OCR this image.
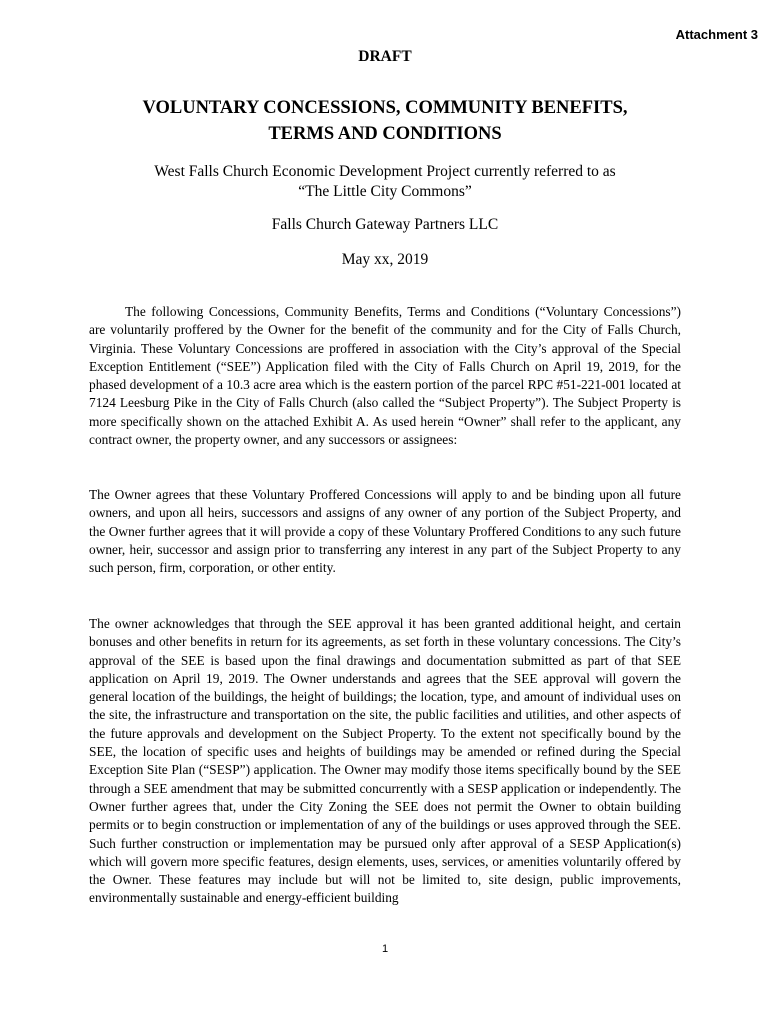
Attachment 3
DRAFT
VOLUNTARY CONCESSIONS, COMMUNITY BENEFITS,
TERMS AND CONDITIONS
West Falls Church Economic Development Project currently referred to as
“The Little City Commons”
Falls Church Gateway Partners LLC
May xx, 2019

The following Concessions, Community Benefits, Terms and Conditions (“Voluntary Concessions”) are voluntarily proffered by the Owner for the benefit of the community and for the City of Falls Church, Virginia. These Voluntary Concessions are proffered in association with the City’s approval of the Special Exception Entitlement (“SEE”) Application filed with the City of Falls Church on April 19, 2019, for the phased development of a 10.3 acre area which is the eastern portion of the parcel RPC #51-221-001 located at 7124 Leesburg Pike in the City of Falls Church (also called the “Subject Property”). The Subject Property is more specifically shown on the attached Exhibit A. As used herein “Owner” shall refer to the applicant, any contract owner, the property owner, and any successors or assignees:

The Owner agrees that these Voluntary Proffered Concessions will apply to and be binding upon all future owners, and upon all heirs, successors and assigns of any owner of any portion of the Subject Property, and the Owner further agrees that it will provide a copy of these Voluntary Proffered Conditions to any such future owner, heir, successor and assign prior to transferring any interest in any part of the Subject Property to any such person, firm, corporation, or other entity.

The owner acknowledges that through the SEE approval it has been granted additional height, and certain bonuses and other benefits in return for its agreements, as set forth in these voluntary concessions. The City’s approval of the SEE is based upon the final drawings and documentation submitted as part of that SEE application on April 19, 2019. The Owner understands and agrees that the SEE approval will govern the general location of the buildings, the height of buildings; the location, type, and amount of individual uses on the site, the infrastructure and transportation on the site, the public facilities and utilities, and other aspects of the future approvals and development on the Subject Property. To the extent not specifically bound by the SEE, the location of specific uses and heights of buildings may be amended or refined during the Special Exception Site Plan (“SESP”) application. The Owner may modify those items specifically bound by the SEE through a SEE amendment that may be submitted concurrently with a SESP application or independently. The Owner further agrees that, under the City Zoning the SEE does not permit the Owner to obtain building permits or to begin construction or implementation of any of the buildings or uses approved through the SEE. Such further construction or implementation may be pursued only after approval of a SESP Application(s) which will govern more specific features, design elements, uses, services, or amenities voluntarily offered by the Owner. These features may include but will not be limited to, site design, public improvements, environmentally sustainable and energy-efficient building

1
